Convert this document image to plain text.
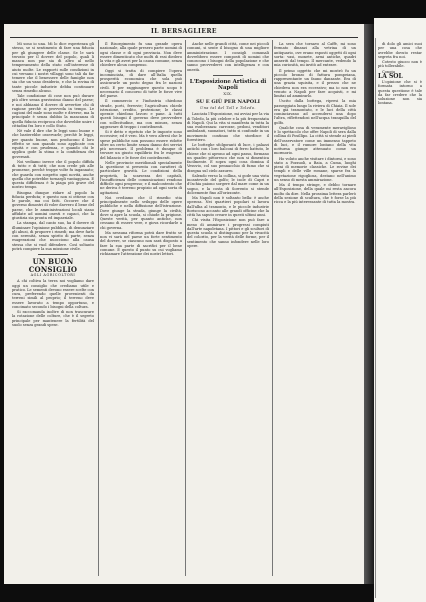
IL BERSAGLIERE

Mi sono io una. Mi lo dice esperienza gli stesso, se si sentimento di fare una fiducia per gli giungere delle classe. Se le sarà trovato per il dovere del popolo, quali li manca non pur sia di altro al nello temperamento della stato coll'interesse di aiuto molte. Le rapporti sulle condizioni in cui versano i nostri villaggi sono tali da far temere che il benessere delle famiglie non sia che un vano desiderio, e che la rovina di tante piccole industrie debba continuare senza rimedio alcuno.

Tale condizione di cose non può durare più oltre senza gravissimo danno del paese; e noi abbiamo il dovere di avvertire chi di ragione perchè si provveda in tempo. Le cagioni del male sono molte e diverse, ma la principale è senza dubbio la mancanza di quella fiducia reciproca che dovrebbe unire i cittadini fra loro e collo Stato.

Nè vale il dire che le leggi sono buone e che basterebbe osservarle; perchè le leggi, per quanto buone, non producono il loro effetto se non quando sono applicate con equità e con prudenza, e quando chi le applica gode la stima e la confidenza dei governati.

Noi vediamo invece che il popolo diffida di tutto e di tutti; che non crede più alle promesse, perchè troppe volte fu ingannato; che guarda con sospetto ogni novità, anche quella che potrebbe tornargli vantaggiosa. E questa diffidenza è la piaga più grave del nostro tempo.

Bisogna dunque ridare al popolo la fiducia perduta; e questo non si ottiene con le parole, ma coi fatti. Occorre che il governo dimostri di voler davvero il bene del paese, che le amministrazioni locali siano affidate ad uomini onesti e capaci, che la giustizia sia pronta ed imparziale.

La stampa, dal canto suo, ha il dovere di illuminare l'opinione pubblica, di denunziare gli abusi, di proporre i rimedi; ma deve farlo con serenità, senza spirito di parte, senza esagerazioni che nuocciono alla causa stessa che si vuol difendere. Così soltanto potrà compiere la sua missione civile.

UN BUON CONSIGLIO
AGLI AGRICOLTORI

A chi coltiva la terra noi vogliamo dare oggi un consiglio che crediamo utile e pratico. Le sementi devono essere scelte con cura, preferendo quelle provenienti da terreni simili al proprio; il terreno deve essere lavorato a tempo opportuno, e concimato secondo i bisogni della coltura.

Si raccomanda inoltre di non trascurare la rotazione delle colture, che è il segreto principale per mantenere la fertilità del suolo senza grandi spese.

Il Risorgimento fu una grande opera nazionale, alla quale presero parte uomini di ogni classe e di ogni provincia. Non deve essere dimenticato che molti di essi diedero la vita e gli averi per la causa comune, senza chiedere alcun compenso.

Oggi si tratta di compiere l'opera incominciata, di dare all'Italia quella prosperità economica che sola può assicurarle un posto degno fra le nazioni civili. E per raggiungere questo scopo è necessario il concorso di tutte le forze vive del paese.

Il commercio e l'industria chiedono strade, porti, ferrovie; l'agricoltura chiede istruzione, credito, protezione; le classi operaie chiedono lavoro e pane. A tutti questi bisogni il governo deve provvedere con sollecitudine, ma con misura, senza aggravare di troppo i contribuenti.

Si è detto e ripetuto che le imposte sono eccessive; ed è vero. Ma è vero altresì che le spese pubbliche non possono essere ridotte oltre un certo limite senza danno dei servizi più necessari. Il problema è dunque di trovare un giusto equilibrio fra le esigenze del bilancio e le forze dei contribuenti.

Nelle provincie meridionali specialmente la questione si presenta con caratteri di particolare gravità. Le condizioni della proprietà, la scarsezza dei capitali, l'insufficienza delle comunicazioni rendono difficile ogni progresso; e il malcontento che ne deriva è terreno propizio ad ogni sorta di agitazioni.

Noi crediamo che il rimedio stia principalmente nello sviluppo delle opere pubbliche e nella diffusione dell'istruzione. Dove giunge la strada, giunge la civiltà; dove si apre la scuola, si chiude la prigione. Queste verità, per quanto antiche, non cessano di essere vere, e giova ricordarle a chi governa.

Ma nessuna riforma potrà dare frutto se non vi sarà nel paese un forte sentimento del dovere, se ciascuno non sarà disposto a fare la sua parte di sacrifici per il bene comune. È questo il punto su cui vogliamo richiamare l'attenzione dei nostri lettori.

Anche nelle grandi città, come nei piccoli comuni, si sente il bisogno di una migliore amministrazione. I consigli comunali dovrebbero essere composti di uomini che conoscono i bisogni della popolazione e che sanno provvedervi con intelligenza e con onestà.

L'Esposizione Artistica di Napoli
XIX.
SU E GIÙ PER NAPOLI
Una tal del Toll e Toledo.

Lasciata l'Esposizione, mi avviai per la via di Toledo, la più celebre e la più frequentata di Napoli. Qui la vita si manifesta in tutta la sua esuberanza: carrozze, pedoni, venditori ambulanti, suonatori, tutto si confonde in un movimento continuo che stordisce il forestiero.

Le botteghe sfolgoranti di luce, i palazzi antichi con i loro balconi di ferro battuto, le chiese che si aprono ad ogni passo, formano un quadro pittoresco che non si dimentica facilmente. E sopra ogni cosa domina il Vesuvio, col suo pennacchio di fumo che si disegna sul cielo azzurro.

Salendo verso la collina, si gode una vista incantevole del golfo; le isole di Capri e d'Ischia paiono sorgere dal mare come in un sogno, e la costa di Sorrento si stende dolcemente fino all'orizzonte.

Ma Napoli non è soltanto bella: è anche operosa. Nei quartieri popolari si lavora dall'alba al tramonto, e le piccole industrie fioriscono accanto alle grandi officine che la città ha saputo creare in questi ultimi anni.

Chi visita l'Esposizione non può fare a meno di ammirare i progressi compiuti dall'arte napoletana. I pittori e gli scultori di questa scuola si distinguono per la vivacità del colorito, per la verità delle forme, per il sentimento che sanno infondere nelle loro opere.

La sera che tornavo al Caffè, mi sono fermato dinanzi alla vetrina di un antiquario, ove erano esposti oggetti di ogni sorta: vasi, monete, armi antiche, quadri anneriti dal tempo. Il mercante, vedendo la mia curiosità, mi invitò ad entrare.

Il primo oggetto che mi mostrò fu un piccolo bronzo di fattura pompeiana, rappresentante un fauno danzante. Era di una grazia squisita, e il prezzo che ne chiedeva non era eccessivo; ma io non ero venuto a Napoli per fare acquisti, e mi limitai ad ammirarlo.

Uscito dalla bottega, ripresi la mia passeggiata lungo la riviera di Chiaia. Il sole era già tramontato, e le luci della città cominciavano ad accendersi una dopo l'altra, riflettendosi nell'acqua tranquilla del golfo.

Qualche cosa di veramente meraviglioso è lo spettacolo che offre Napoli di sera dalla collina di Posillipo. La città si stende ai piedi dell'osservatore come un immenso tappeto di luci, e il rumore lontano della vita notturna giunge attenuato come un mormorio.

Ho voluto anche visitare i dintorni, e sono stato a Pozzuoli, a Baia, a Cuma, luoghi pieni di memorie classiche. Le rovine dei templi e delle ville romane, sparse fra la vegetazione rigogliosa, destano nell'animo un senso di mesta ammirazione.

Ma il tempo stringe, e debbo tornare all'Esposizione, della quale mi resta ancora molto da dire. Nella prossima lettera parlerò della sezione di scultura, che è forse la più ricca e la più interessante di tutta la mostra.

di dolo gli amici suoi per una cosa che avrebbe dovuto restar segreta fra noi.

Cotesto giuoco non è più tollerabile.

Congiu

LA SOL

L'opinione che si è formata intorno a questa questione è tale da far credere che la soluzione non sia lontana.
